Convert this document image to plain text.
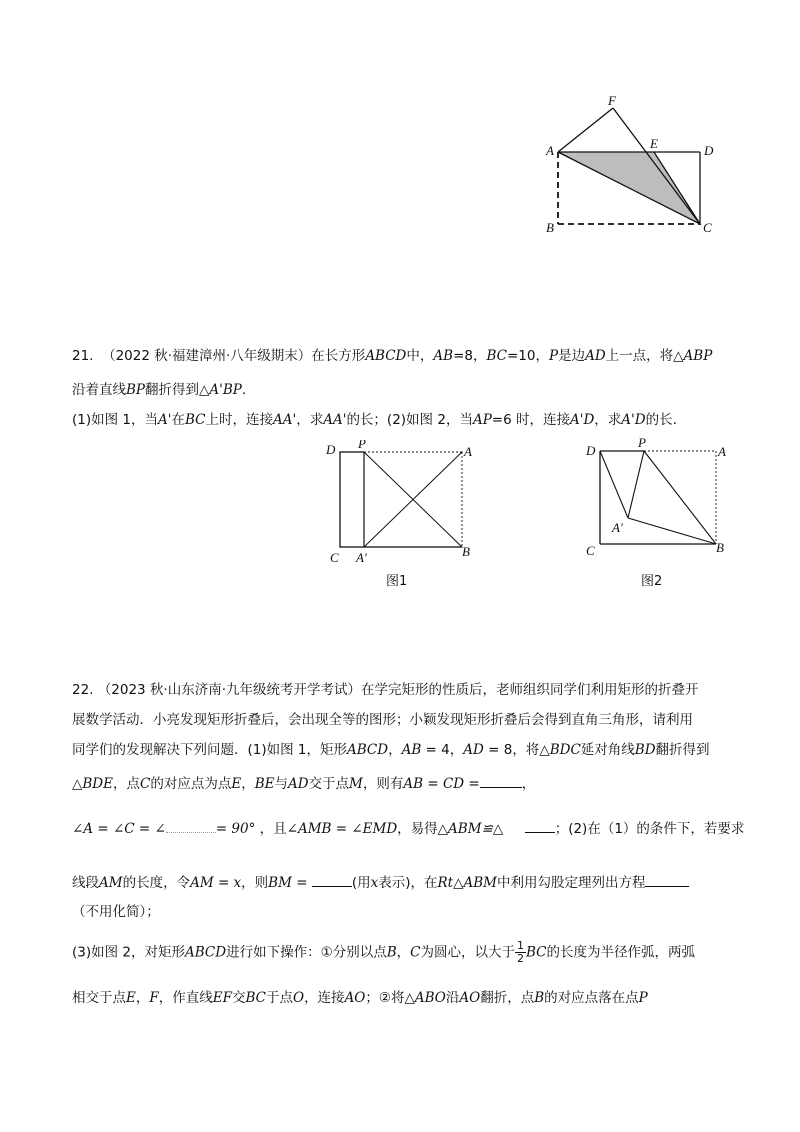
F
A	E	D
B	C
21. （2022 秋·福建漳州·八年级期末）在长方形ABCD中，AB=8，BC=10，P是边AD上一点，将△ABP
沿着直线BP翻折得到△A'BP.
(1)如图 1，当A'在BC上时，连接AA'，求AA'的长；(2)如图 2，当AP=6 时，连接A'D，求A'D的长.
D P
A
C A′	B
图1
D
P
A
A′
C	B
图2
22. （2023 秋·山东济南·九年级统考开学考试）在学完矩形的性质后，老师组织同学们利用矩形的折叠开
展数学活动．小亮发现矩形折叠后，会出现全等的图形；小颖发现矩形折叠后会得到直角三角形，请利用
同学们的发现解决下列问题．(1)如图 1，矩形ABCD，AB = 4，AD = 8，将△BDC延对角线BD翻折得到
△BDE，点C的对应点为点E，BE与AD交于点M，则有AB = CD =	，
∠A = ∠C = ∠	= 90° ，且∠AMB = ∠EMD，易得△ABM≌△	；(2)在（1）的条件下，若要求
线段AM的长度，令AM = x，则BM =	(用x表示)，在Rt△ABM中利用勾股定理列出方程
（不用化简）；
(3)如图 2，对矩形ABCD进行如下操作：①分别以点B，C为圆心，以大于 $\frac{1}{2}$ BC的长度为半径作弧，两弧
相交于点E，F，作直线EF交BC于点O，连接AO；②将△ABO沿AO翻折，点B的对应点落在点P
